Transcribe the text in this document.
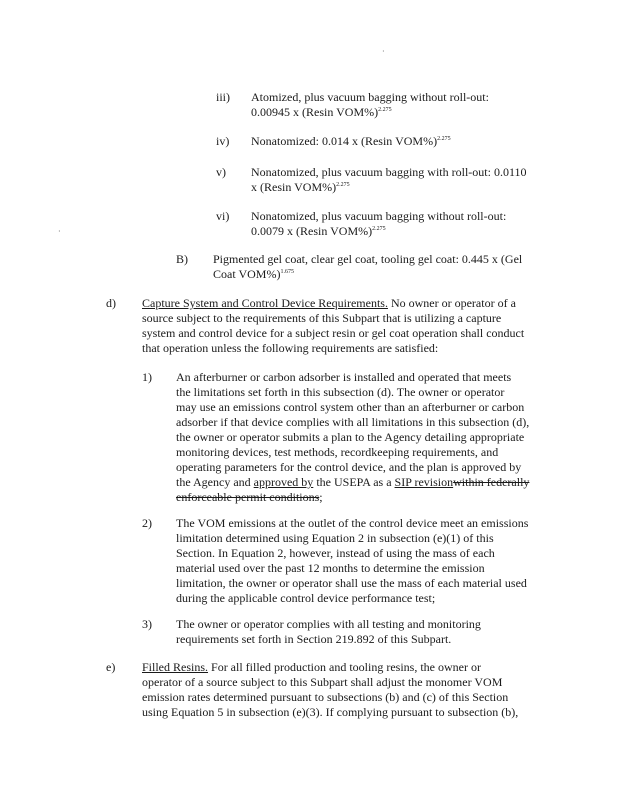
·
·

iii) Atomized, plus vacuum bagging without roll-out:
0.00945 x (Resin VOM%)$^{2.275}$

iv) Nonatomized: 0.014 x (Resin VOM%)$^{2.275}$

v) Nonatomized, plus vacuum bagging with roll-out: 0.0110
x (Resin VOM%)$^{2.275}$

vi) Nonatomized, plus vacuum bagging without roll-out:
0.0079 x (Resin VOM%)$^{2.275}$

B) Pigmented gel coat, clear gel coat, tooling gel coat: 0.445 x (Gel
Coat VOM%)$^{1.675}$

d) Capture System and Control Device Requirements. No owner or operator of a
source subject to the requirements of this Subpart that is utilizing a capture
system and control device for a subject resin or gel coat operation shall conduct
that operation unless the following requirements are satisfied:

1) An afterburner or carbon adsorber is installed and operated that meets
the limitations set forth in this subsection (d). The owner or operator
may use an emissions control system other than an afterburner or carbon
adsorber if that device complies with all limitations in this subsection (d),
the owner or operator submits a plan to the Agency detailing appropriate
monitoring devices, test methods, recordkeeping requirements, and
operating parameters for the control device, and the plan is approved by
the Agency and approved by the USEPA as a SIP revisionwithin federally
enforceable permit conditions;

2) The VOM emissions at the outlet of the control device meet an emissions
limitation determined using Equation 2 in subsection (e)(1) of this
Section. In Equation 2, however, instead of using the mass of each
material used over the past 12 months to determine the emission
limitation, the owner or operator shall use the mass of each material used
during the applicable control device performance test;

3) The owner or operator complies with all testing and monitoring
requirements set forth in Section 219.892 of this Subpart.

e) Filled Resins. For all filled production and tooling resins, the owner or
operator of a source subject to this Subpart shall adjust the monomer VOM
emission rates determined pursuant to subsections (b) and (c) of this Section
using Equation 5 in subsection (e)(3). If complying pursuant to subsection (b),
